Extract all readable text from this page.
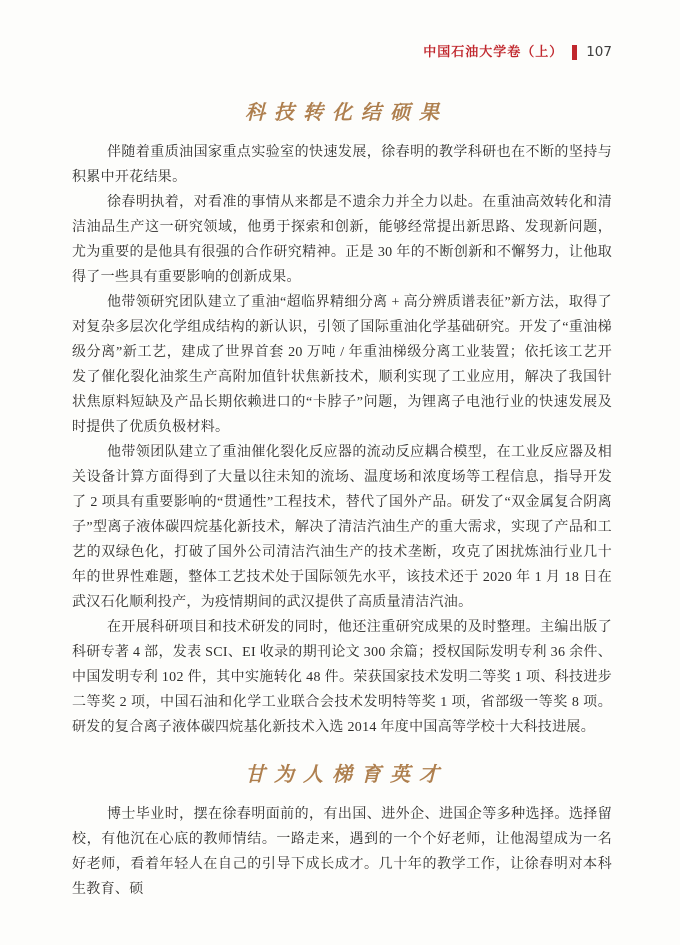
中国石油大学卷（上） 107
科技转化结硕果

伴随着重质油国家重点实验室的快速发展，徐春明的教学科研也在不断的坚持与积累中开花结果。

徐春明执着，对看准的事情从来都是不遗余力并全力以赴。在重油高效转化和清洁油品生产这一研究领域，他勇于探索和创新，能够经常提出新思路、发现新问题，尤为重要的是他具有很强的合作研究精神。正是 30 年的不断创新和不懈努力，让他取得了一些具有重要影响的创新成果。

他带领研究团队建立了重油“超临界精细分离 + 高分辨质谱表征”新方法，取得了对复杂多层次化学组成结构的新认识，引领了国际重油化学基础研究。开发了“重油梯级分离”新工艺，建成了世界首套 20 万吨 / 年重油梯级分离工业装置；依托该工艺开发了催化裂化油浆生产高附加值针状焦新技术，顺利实现了工业应用，解决了我国针状焦原料短缺及产品长期依赖进口的“卡脖子”问题，为锂离子电池行业的快速发展及时提供了优质负极材料。

他带领团队建立了重油催化裂化反应器的流动反应耦合模型，在工业反应器及相关设备计算方面得到了大量以往未知的流场、温度场和浓度场等工程信息，指导开发了 2 项具有重要影响的“贯通性”工程技术，替代了国外产品。研发了“双金属复合阴离子”型离子液体碳四烷基化新技术，解决了清洁汽油生产的重大需求，实现了产品和工艺的双绿色化，打破了国外公司清洁汽油生产的技术垄断，攻克了困扰炼油行业几十年的世界性难题，整体工艺技术处于国际领先水平，该技术还于 2020 年 1 月 18 日在武汉石化顺利投产，为疫情期间的武汉提供了高质量清洁汽油。

在开展科研项目和技术研发的同时，他还注重研究成果的及时整理。主编出版了科研专著 4 部，发表 SCI、EI 收录的期刊论文 300 余篇；授权国际发明专利 36 余件、中国发明专利 102 件，其中实施转化 48 件。荣获国家技术发明二等奖 1 项、科技进步二等奖 2 项，中国石油和化学工业联合会技术发明特等奖 1 项，省部级一等奖 8 项。研发的复合离子液体碳四烷基化新技术入选 2014 年度中国高等学校十大科技进展。

甘为人梯育英才

博士毕业时，摆在徐春明面前的，有出国、进外企、进国企等多种选择。选择留校，有他沉在心底的教师情结。一路走来，遇到的一个个好老师，让他渴望成为一名好老师，看着年轻人在自己的引导下成长成才。几十年的教学工作，让徐春明对本科生教育、硕
